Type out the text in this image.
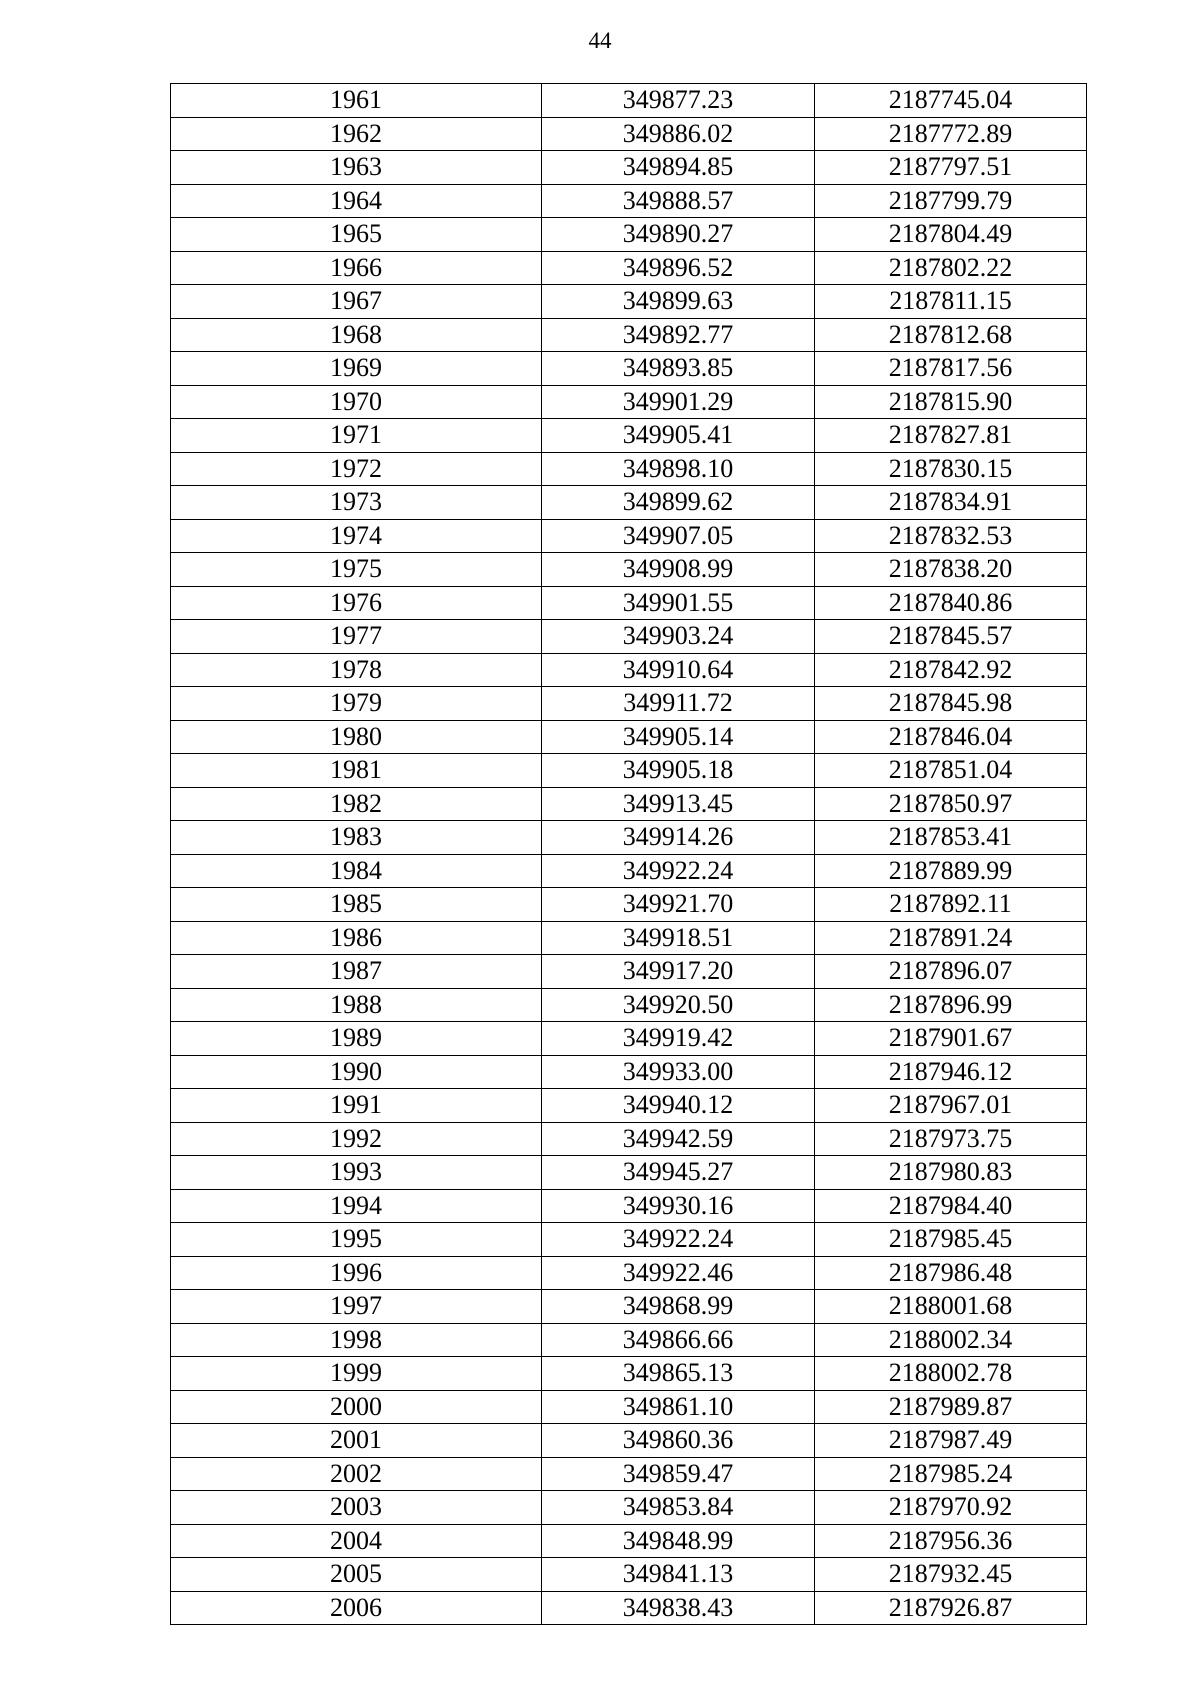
44
1961	349877.23	2187745.04
1962	349886.02	2187772.89
1963	349894.85	2187797.51
1964	349888.57	2187799.79
1965	349890.27	2187804.49
1966	349896.52	2187802.22
1967	349899.63	2187811.15
1968	349892.77	2187812.68
1969	349893.85	2187817.56
1970	349901.29	2187815.90
1971	349905.41	2187827.81
1972	349898.10	2187830.15
1973	349899.62	2187834.91
1974	349907.05	2187832.53
1975	349908.99	2187838.20
1976	349901.55	2187840.86
1977	349903.24	2187845.57
1978	349910.64	2187842.92
1979	349911.72	2187845.98
1980	349905.14	2187846.04
1981	349905.18	2187851.04
1982	349913.45	2187850.97
1983	349914.26	2187853.41
1984	349922.24	2187889.99
1985	349921.70	2187892.11
1986	349918.51	2187891.24
1987	349917.20	2187896.07
1988	349920.50	2187896.99
1989	349919.42	2187901.67
1990	349933.00	2187946.12
1991	349940.12	2187967.01
1992	349942.59	2187973.75
1993	349945.27	2187980.83
1994	349930.16	2187984.40
1995	349922.24	2187985.45
1996	349922.46	2187986.48
1997	349868.99	2188001.68
1998	349866.66	2188002.34
1999	349865.13	2188002.78
2000	349861.10	2187989.87
2001	349860.36	2187987.49
2002	349859.47	2187985.24
2003	349853.84	2187970.92
2004	349848.99	2187956.36
2005	349841.13	2187932.45
2006	349838.43	2187926.87
